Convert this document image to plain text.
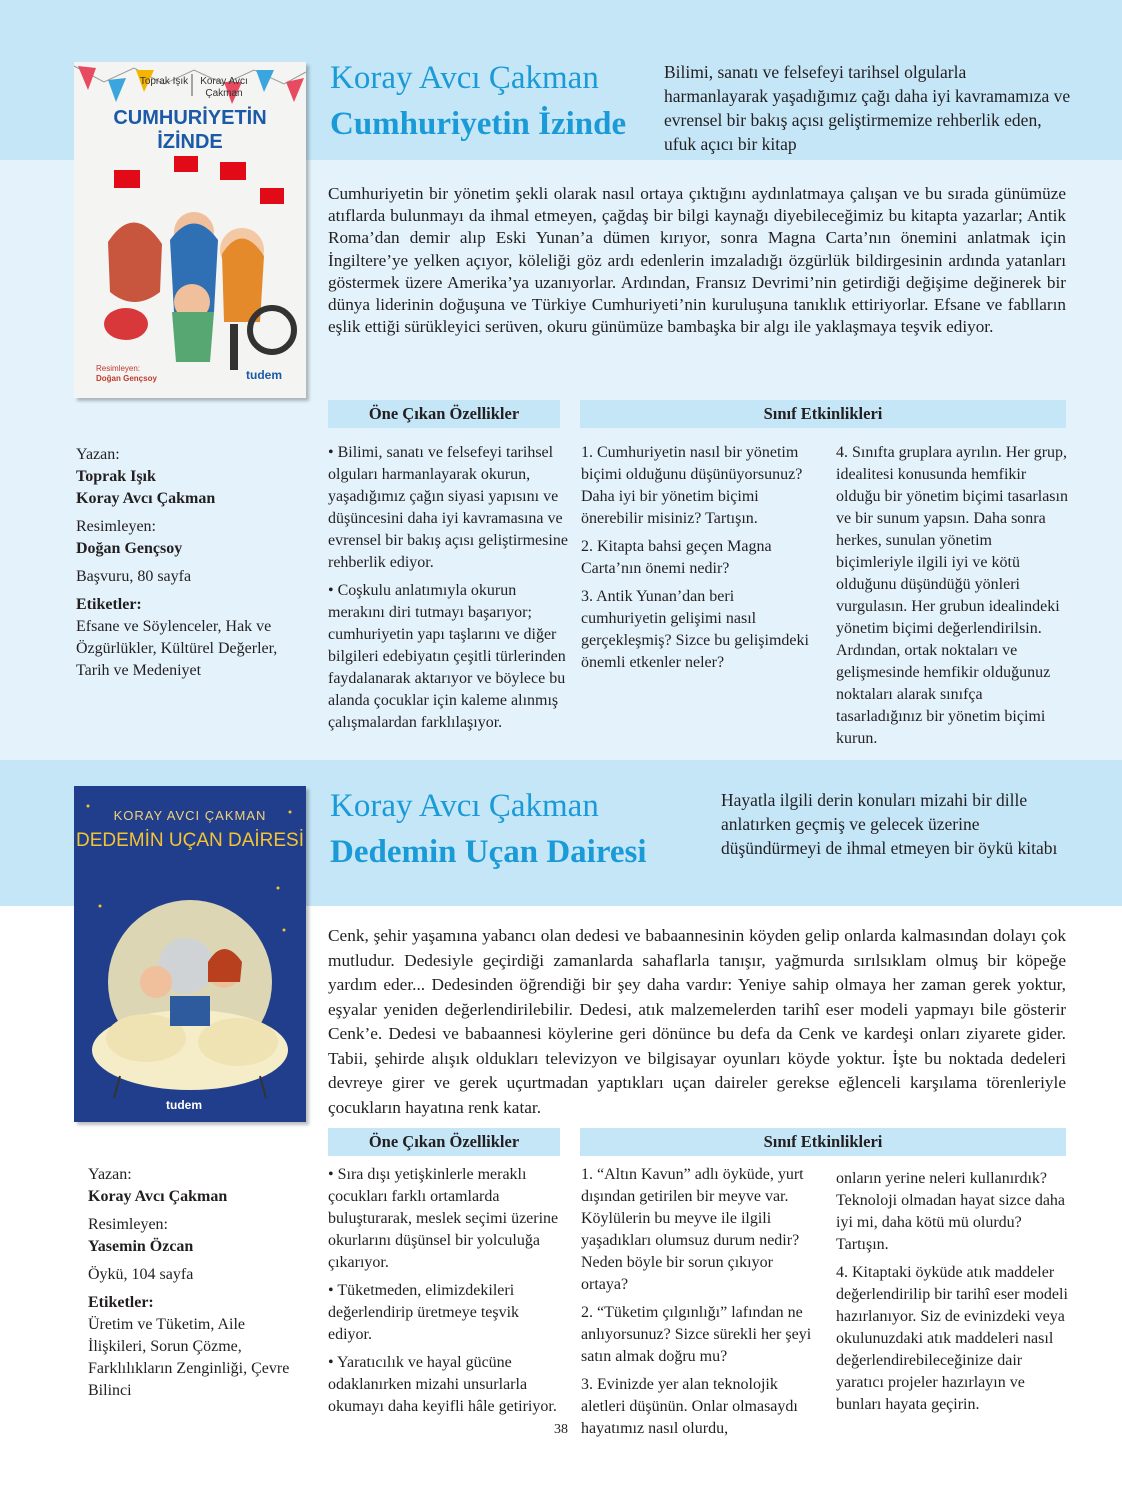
Toprak Işık	Koray Avcı Çakman
CUMHURİYETİN
İZİNDE
Resimleyen:
Doğan Gençsoy	tudem
Koray Avcı Çakman
Cumhuriyetin İzinde
Bilimi, sanatı ve felsefeyi tarihsel olgularla harmanlayarak yaşadığımız çağı daha iyi kavramamıza ve evrensel bir bakış açısı geliştirmemize rehberlik eden, ufuk açıcı bir kitap
Cumhuriyetin bir yönetim şekli olarak nasıl ortaya çıktığını aydınlatmaya çalışan ve bu sırada günümüze atıflarda bulunmayı da ihmal etmeyen, çağdaş bir bilgi kaynağı diyebileceğimiz bu kitapta yazarlar; Antik Roma’dan demir alıp Eski Yunan’a dümen kırıyor, sonra Magna Carta’nın önemini anlatmak için İngiltere’ye yelken açıyor, köleliği göz ardı edenlerin imzaladığı özgürlük bildirgesinin ardında yatanları göstermek üzere Amerika’ya uzanıyorlar. Ardından, Fransız Devrimi’nin getirdiği değişime değinerek bir dünya liderinin doğuşuna ve Türkiye Cumhuriyeti’nin kuruluşuna tanıklık ettiriyorlar. Efsane ve fablların eşlik ettiği sürükleyici serüven, okuru günümüze bambaşka bir algı ile yaklaşmaya teşvik ediyor.
Öne Çıkan Özellikler	Sınıf Etkinlikleri
Yazan:
Toprak Işık
Koray Avcı Çakman
Resimleyen:
Doğan Gençsoy
Başvuru, 80 sayfa
Etiketler:
Efsane ve Söylenceler, Hak ve Özgürlükler, Kültürel Değerler, Tarih ve Medeniyet

• Bilimi, sanatı ve felsefeyi tarihsel olguları harmanlayarak okurun, yaşadığımız çağın siyasi yapısını ve düşüncesini daha iyi kavramasına ve evrensel bir bakış açısı geliştirmesine rehberlik ediyor.

• Coşkulu anlatımıyla okurun merakını diri tutmayı başarıyor; cumhuriyetin yapı taşlarını ve diğer bilgileri edebiyatın çeşitli türlerinden faydalanarak aktarıyor ve böylece bu alanda çocuklar için kaleme alınmış çalışmalardan farklılaşıyor.

1. Cumhuriyetin nasıl bir yönetim biçimi olduğunu düşünüyorsunuz? Daha iyi bir yönetim biçimi önerebilir misiniz? Tartışın.

2. Kitapta bahsi geçen Magna Carta’nın önemi nedir?

3. Antik Yunan’dan beri cumhuriyetin gelişimi nasıl gerçekleşmiş? Sizce bu gelişimdeki önemli etkenler neler?

4. Sınıfta gruplara ayrılın. Her grup, idealitesi konusunda hemfikir olduğu bir yönetim biçimi tasarlasın ve bir sunum yapsın. Daha sonra herkes, sunulan yönetim biçimleriyle ilgili iyi ve kötü olduğunu düşündüğü yönleri vurgulasın. Her grubun idealindeki yönetim biçimi değerlendirilsin. Ardından, ortak noktaları ve gelişmesinde hemfikir olduğunuz noktaları alarak sınıfça tasarladığınız bir yönetim biçimi kurun.

KORAY AVCI ÇAKMAN
DEDEMİN UÇAN DAİRESİ
tudem
Koray Avcı Çakman
Dedemin Uçan Dairesi
Hayatla ilgili derin konuları mizahi bir dille anlatırken geçmiş ve gelecek üzerine düşündürmeyi de ihmal etmeyen bir öykü kitabı
Cenk, şehir yaşamına yabancı olan dedesi ve babaannesinin köyden gelip onlarda kalmasından dolayı çok mutludur. Dedesiyle geçirdiği zamanlarda sahaflarla tanışır, yağmurda sırılsıklam olmuş bir köpeğe yardım eder... Dedesinden öğrendiği bir şey daha vardır: Yeniye sahip olmaya her zaman gerek yoktur, eşyalar yeniden değerlendirilebilir. Dedesi, atık malzemelerden tarihî eser modeli yapmayı bile gösterir Cenk’e. Dedesi ve babaannesi köylerine geri dönünce bu defa da Cenk ve kardeşi onları ziyarete gider. Tabii, şehirde alışık oldukları televizyon ve bilgisayar oyunları köyde yoktur. İşte bu noktada dedeleri devreye girer ve gerek uçurtmadan yaptıkları uçan daireler gerekse eğlenceli karşılama törenleriyle çocukların hayatına renk katar.
Öne Çıkan Özellikler	Sınıf Etkinlikleri
Yazan:
Koray Avcı Çakman
Resimleyen:
Yasemin Özcan
Öykü, 104 sayfa
Etiketler:
Üretim ve Tüketim, Aile İlişkileri, Sorun Çözme, Farklılıkların Zenginliği, Çevre Bilinci

• Sıra dışı yetişkinlerle meraklı çocukları farklı ortamlarda buluşturarak, meslek seçimi üzerine okurlarını düşünsel bir yolculuğa çıkarıyor.

• Tüketmeden, elimizdekileri değerlendirip üretmeye teşvik ediyor.

• Yaratıcılık ve hayal gücüne odaklanırken mizahi unsurlarla okumayı daha keyifli hâle getiriyor.

1. “Altın Kavun” adlı öyküde, yurt dışından getirilen bir meyve var. Köylülerin bu meyve ile ilgili yaşadıkları olumsuz durum nedir? Neden böyle bir sorun çıkıyor ortaya?

2. “Tüketim çılgınlığı” lafından ne anlıyorsunuz? Sizce sürekli her şeyi satın almak doğru mu?

3. Evinizde yer alan teknolojik aletleri düşünün. Onlar olmasaydı hayatımız nasıl olurdu,

onların yerine neleri kullanırdık? Teknoloji olmadan hayat sizce daha iyi mi, daha kötü mü olurdu? Tartışın.

4. Kitaptaki öyküde atık maddeler değerlendirilip bir tarihî eser modeli hazırlanıyor. Siz de evinizdeki veya okulunuzdaki atık maddeleri nasıl değerlendirebileceğinize dair yaratıcı projeler hazırlayın ve bunları hayata geçirin.

38
